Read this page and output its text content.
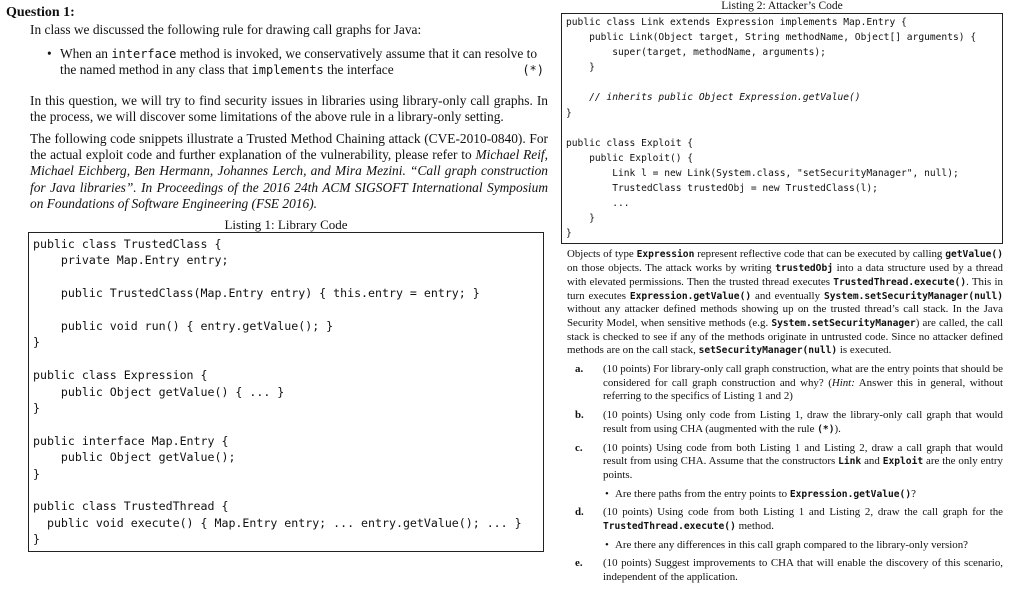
Question 1:
In class we discussed the following rule for drawing call graphs for Java:
• When an interface method is invoked, we conservatively assume that it can resolve to the named method in any class that implements the interface	(*)
In this question, we will try to find security issues in libraries using library-only call graphs. In the process, we will discover some limitations of the above rule in a library-only setting.
The following code snippets illustrate a Trusted Method Chaining attack (CVE-2010-0840). For the actual exploit code and further explanation of the vulnerability, please refer to Michael Reif, Michael Eichberg, Ben Hermann, Johannes Lerch, and Mira Mezini. “Call graph construction for Java libraries”. In Proceedings of the 2016 24th ACM SIGSOFT International Symposium on Foundations of Software Engineering (FSE 2016).
Listing 1: Library Code
public class TrustedClass {
private Map.Entry entry;
public TrustedClass(Map.Entry entry) { this.entry = entry; }
public void run() { entry.getValue(); }
}
public class Expression {
public Object getValue() { ... }
}
public interface Map.Entry {
public Object getValue();
}
public class TrustedThread {
public void execute() { Map.Entry entry; ... entry.getValue(); ... }
}
Listing 2: Attacker’s Code
public class Link extends Expression implements Map.Entry {
public Link(Object target, String methodName, Object[] arguments) {
super(target, methodName, arguments);
}
// inherits public Object Expression.getValue()
}
public class Exploit {
public Exploit() {
Link l = new Link(System.class, "setSecurityManager", null);
TrustedClass trustedObj = new TrustedClass(l);
...
}
}
Objects of type Expression represent reflective code that can be executed by calling getValue() on those objects. The attack works by writing trustedObj into a data structure used by a thread with elevated permissions. Then the trusted thread executes TrustedThread.execute(). This in turn executes Expression.getValue() and eventually System.setSecurityManager(null) without any attacker defined methods showing up on the trusted thread’s call stack. In the Java Security Model, when sensitive methods (e.g. System.setSecurityManager) are called, the call stack is checked to see if any of the methods originate in untrusted code. Since no attacker defined methods are on the call stack, setSecurityManager(null) is executed.
a. (10 points) For library-only call graph construction, what are the entry points that should be considered for call graph construction and why? (Hint: Answer this in general, without referring to the specifics of Listing 1 and 2)
b. (10 points) Using only code from Listing 1, draw the library-only call graph that would result from using CHA (augmented with the rule (*)).
c. (10 points) Using code from both Listing 1 and Listing 2, draw a call graph that would result from using CHA. Assume that the constructors Link and Exploit are the only entry points.
• Are there paths from the entry points to Expression.getValue()?
d. (10 points) Using code from both Listing 1 and Listing 2, draw the call graph for the TrustedThread.execute() method.
• Are there any differences in this call graph compared to the library-only version?
e. (10 points) Suggest improvements to CHA that will enable the discovery of this scenario, independent of the application.
